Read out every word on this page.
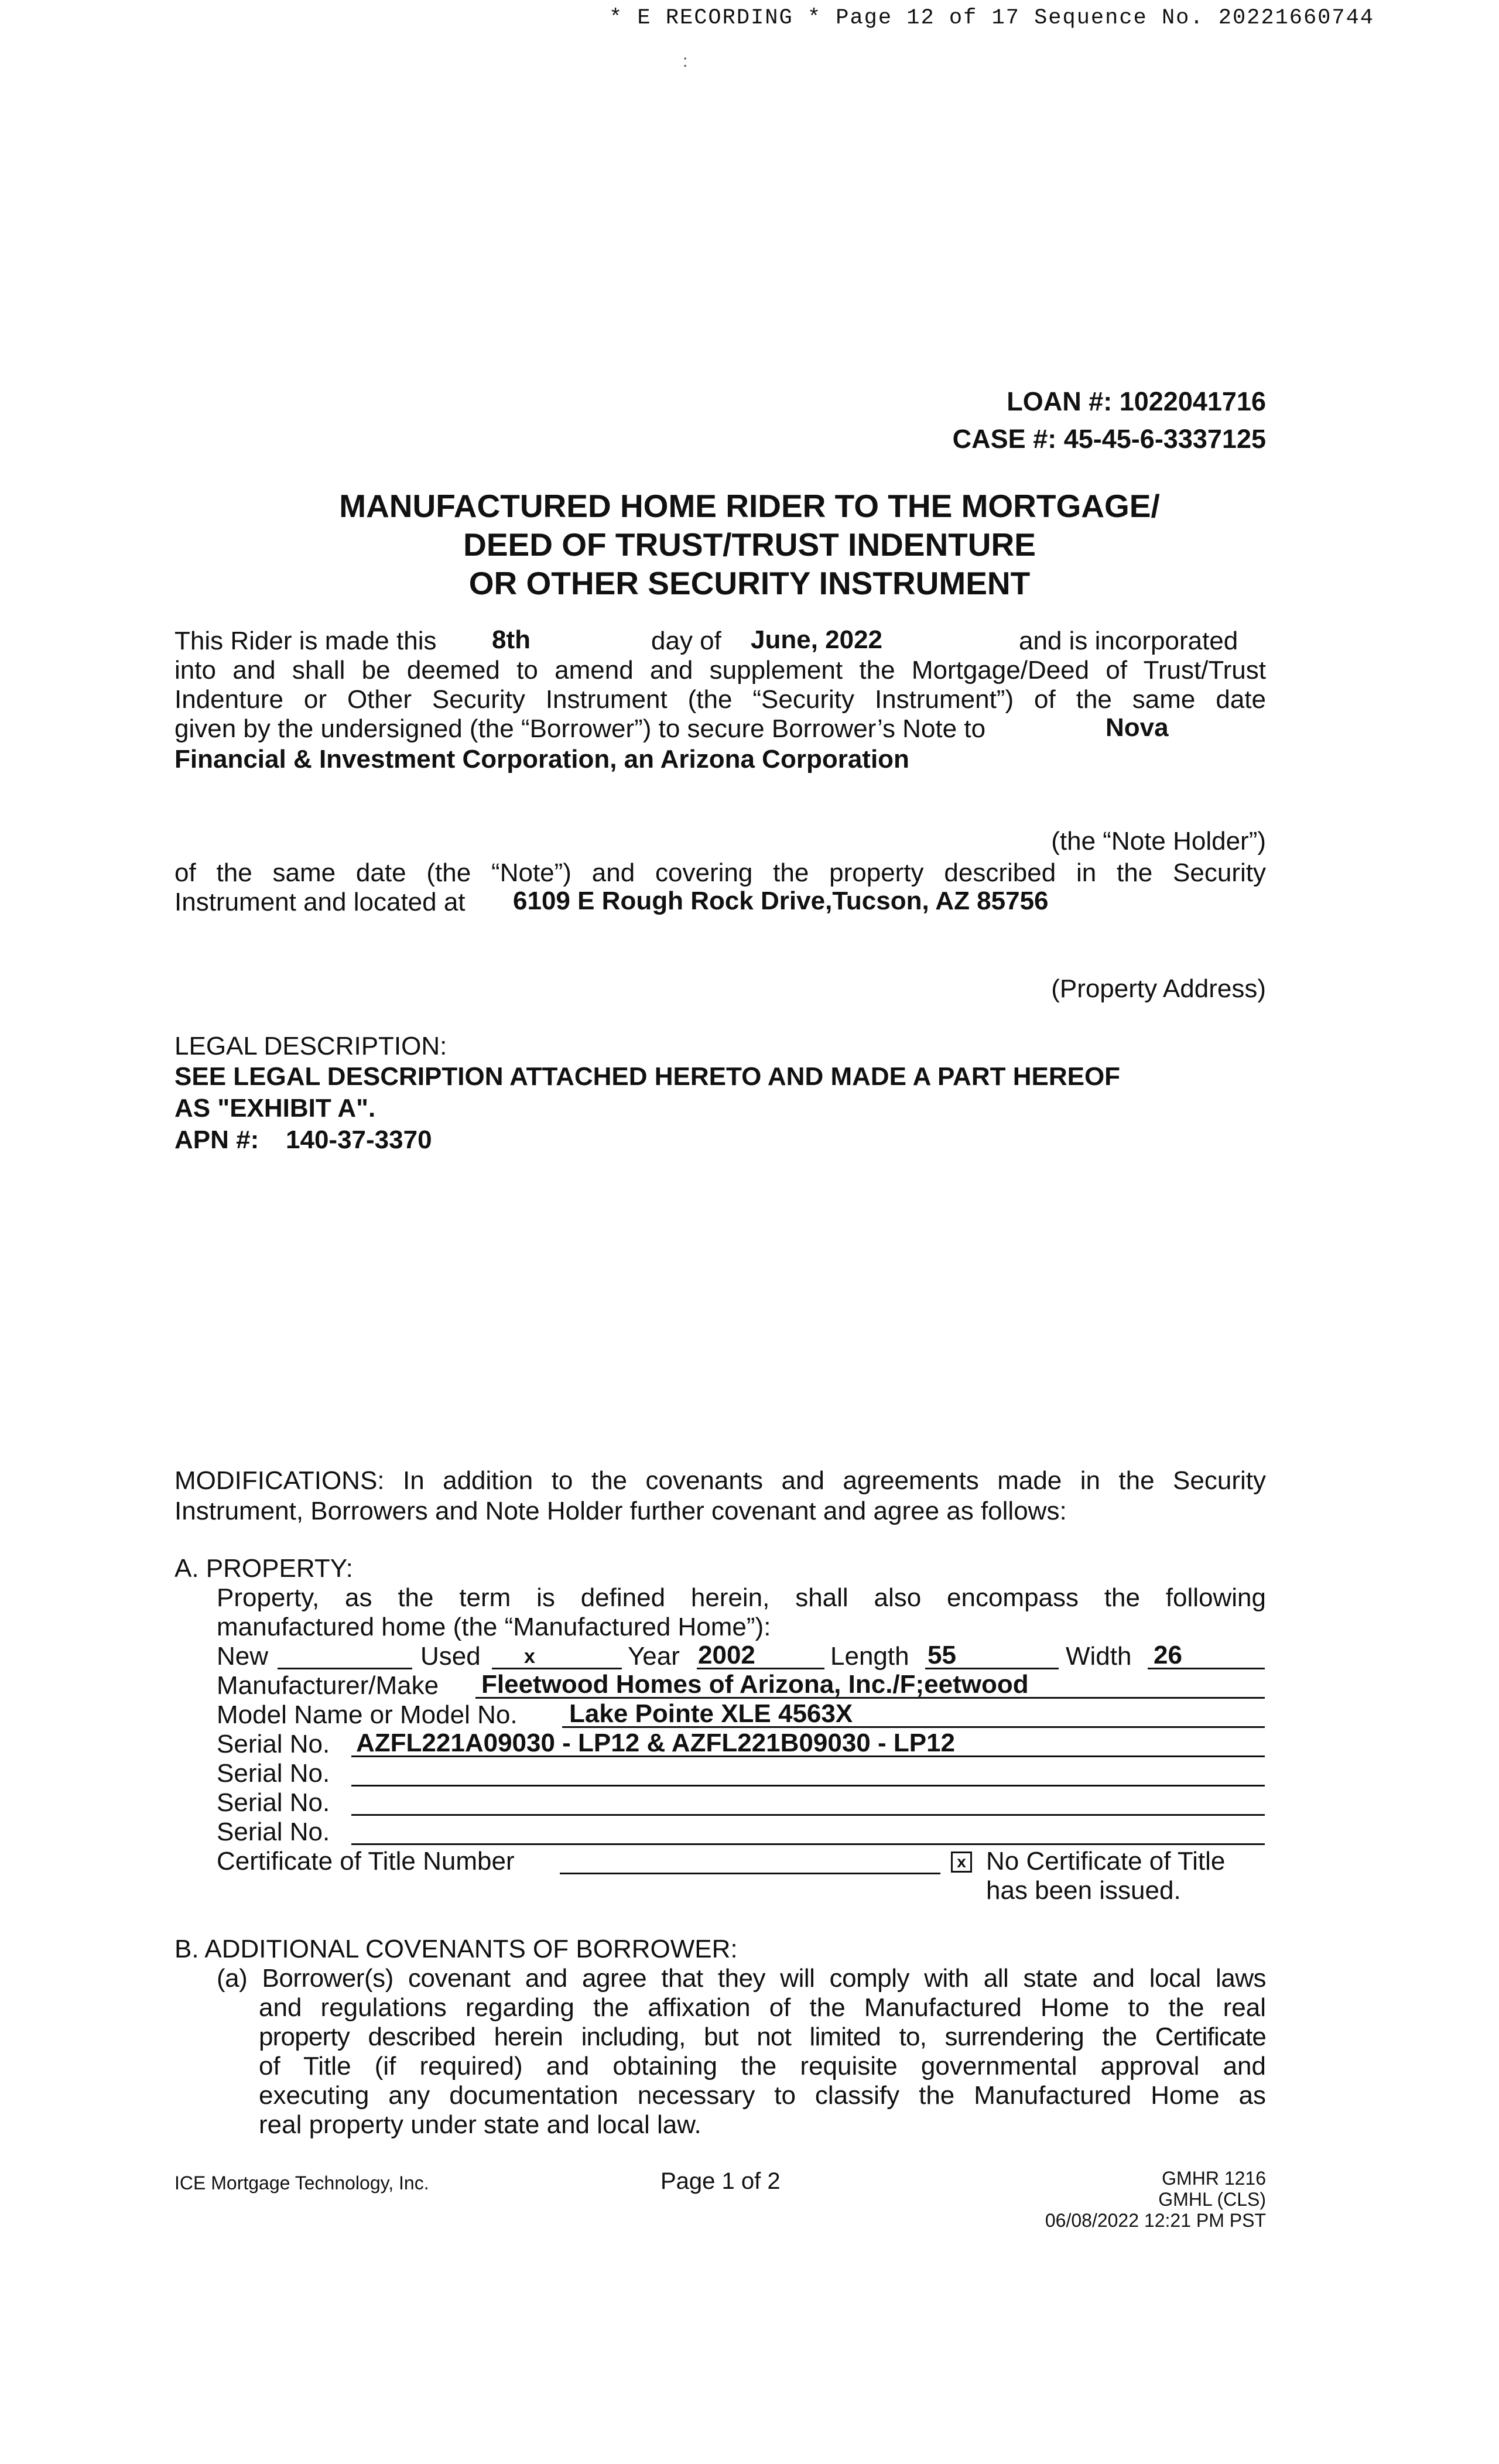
* E RECORDING * Page 12 of 17 Sequence No. 20221660744
:
LOAN #: 1022041716
CASE #: 45-45-6-3337125
MANUFACTURED HOME RIDER TO THE MORTGAGE/
DEED OF TRUST/TRUST INDENTURE
OR OTHER SECURITY INSTRUMENT
This Rider is made this 8th	day of June, 2022	and is incorporated
into and shall be deemed to amend and supplement the Mortgage/Deed of Trust/Trust
Indenture or Other Security Instrument (the “Security Instrument”) of the same date
given by the undersigned (the “Borrower”) to secure Borrower’s Note to	Nova
Financial & Investment Corporation, an Arizona Corporation
(the “Note Holder”)
of the same date (the “Note”) and covering the property described in the Security
Instrument and located at 6109 E Rough Rock Drive,Tucson, AZ 85756
(Property Address)
LEGAL DESCRIPTION:
SEE LEGAL DESCRIPTION ATTACHED HERETO AND MADE A PART HEREOF
AS "EXHIBIT A".
APN #: 140-37-3370
MODIFICATIONS: In addition to the covenants and agreements made in the Security
Instrument, Borrowers and Note Holder further covenant and agree as follows:
A. PROPERTY:
Property, as the term is defined herein, shall also encompass the following
manufactured home (the “Manufactured Home”):
New	Used x	Year 2002	Length 55	Width 26
Manufacturer/Make Fleetwood Homes of Arizona, Inc./F;eetwood
Model Name or Model No. Lake Pointe XLE 4563X
Serial No. AZFL221A09030 - LP12 & AZFL221B09030 - LP12
Serial No.
Serial No.
Serial No.
Certificate of Title Number	x No Certificate of Title
has been issued.
B. ADDITIONAL COVENANTS OF BORROWER:
(a) Borrower(s) covenant and agree that they will comply with all state and local laws
and regulations regarding the affixation of the Manufactured Home to the real
property described herein including, but not limited to, surrendering the Certificate
of Title (if required) and obtaining the requisite governmental approval and
executing any documentation necessary to classify the Manufactured Home as
real property under state and local law.
ICE Mortgage Technology, Inc.	Page 1 of 2	GMHR 1216
GMHL (CLS)
06/08/2022 12:21 PM PST
